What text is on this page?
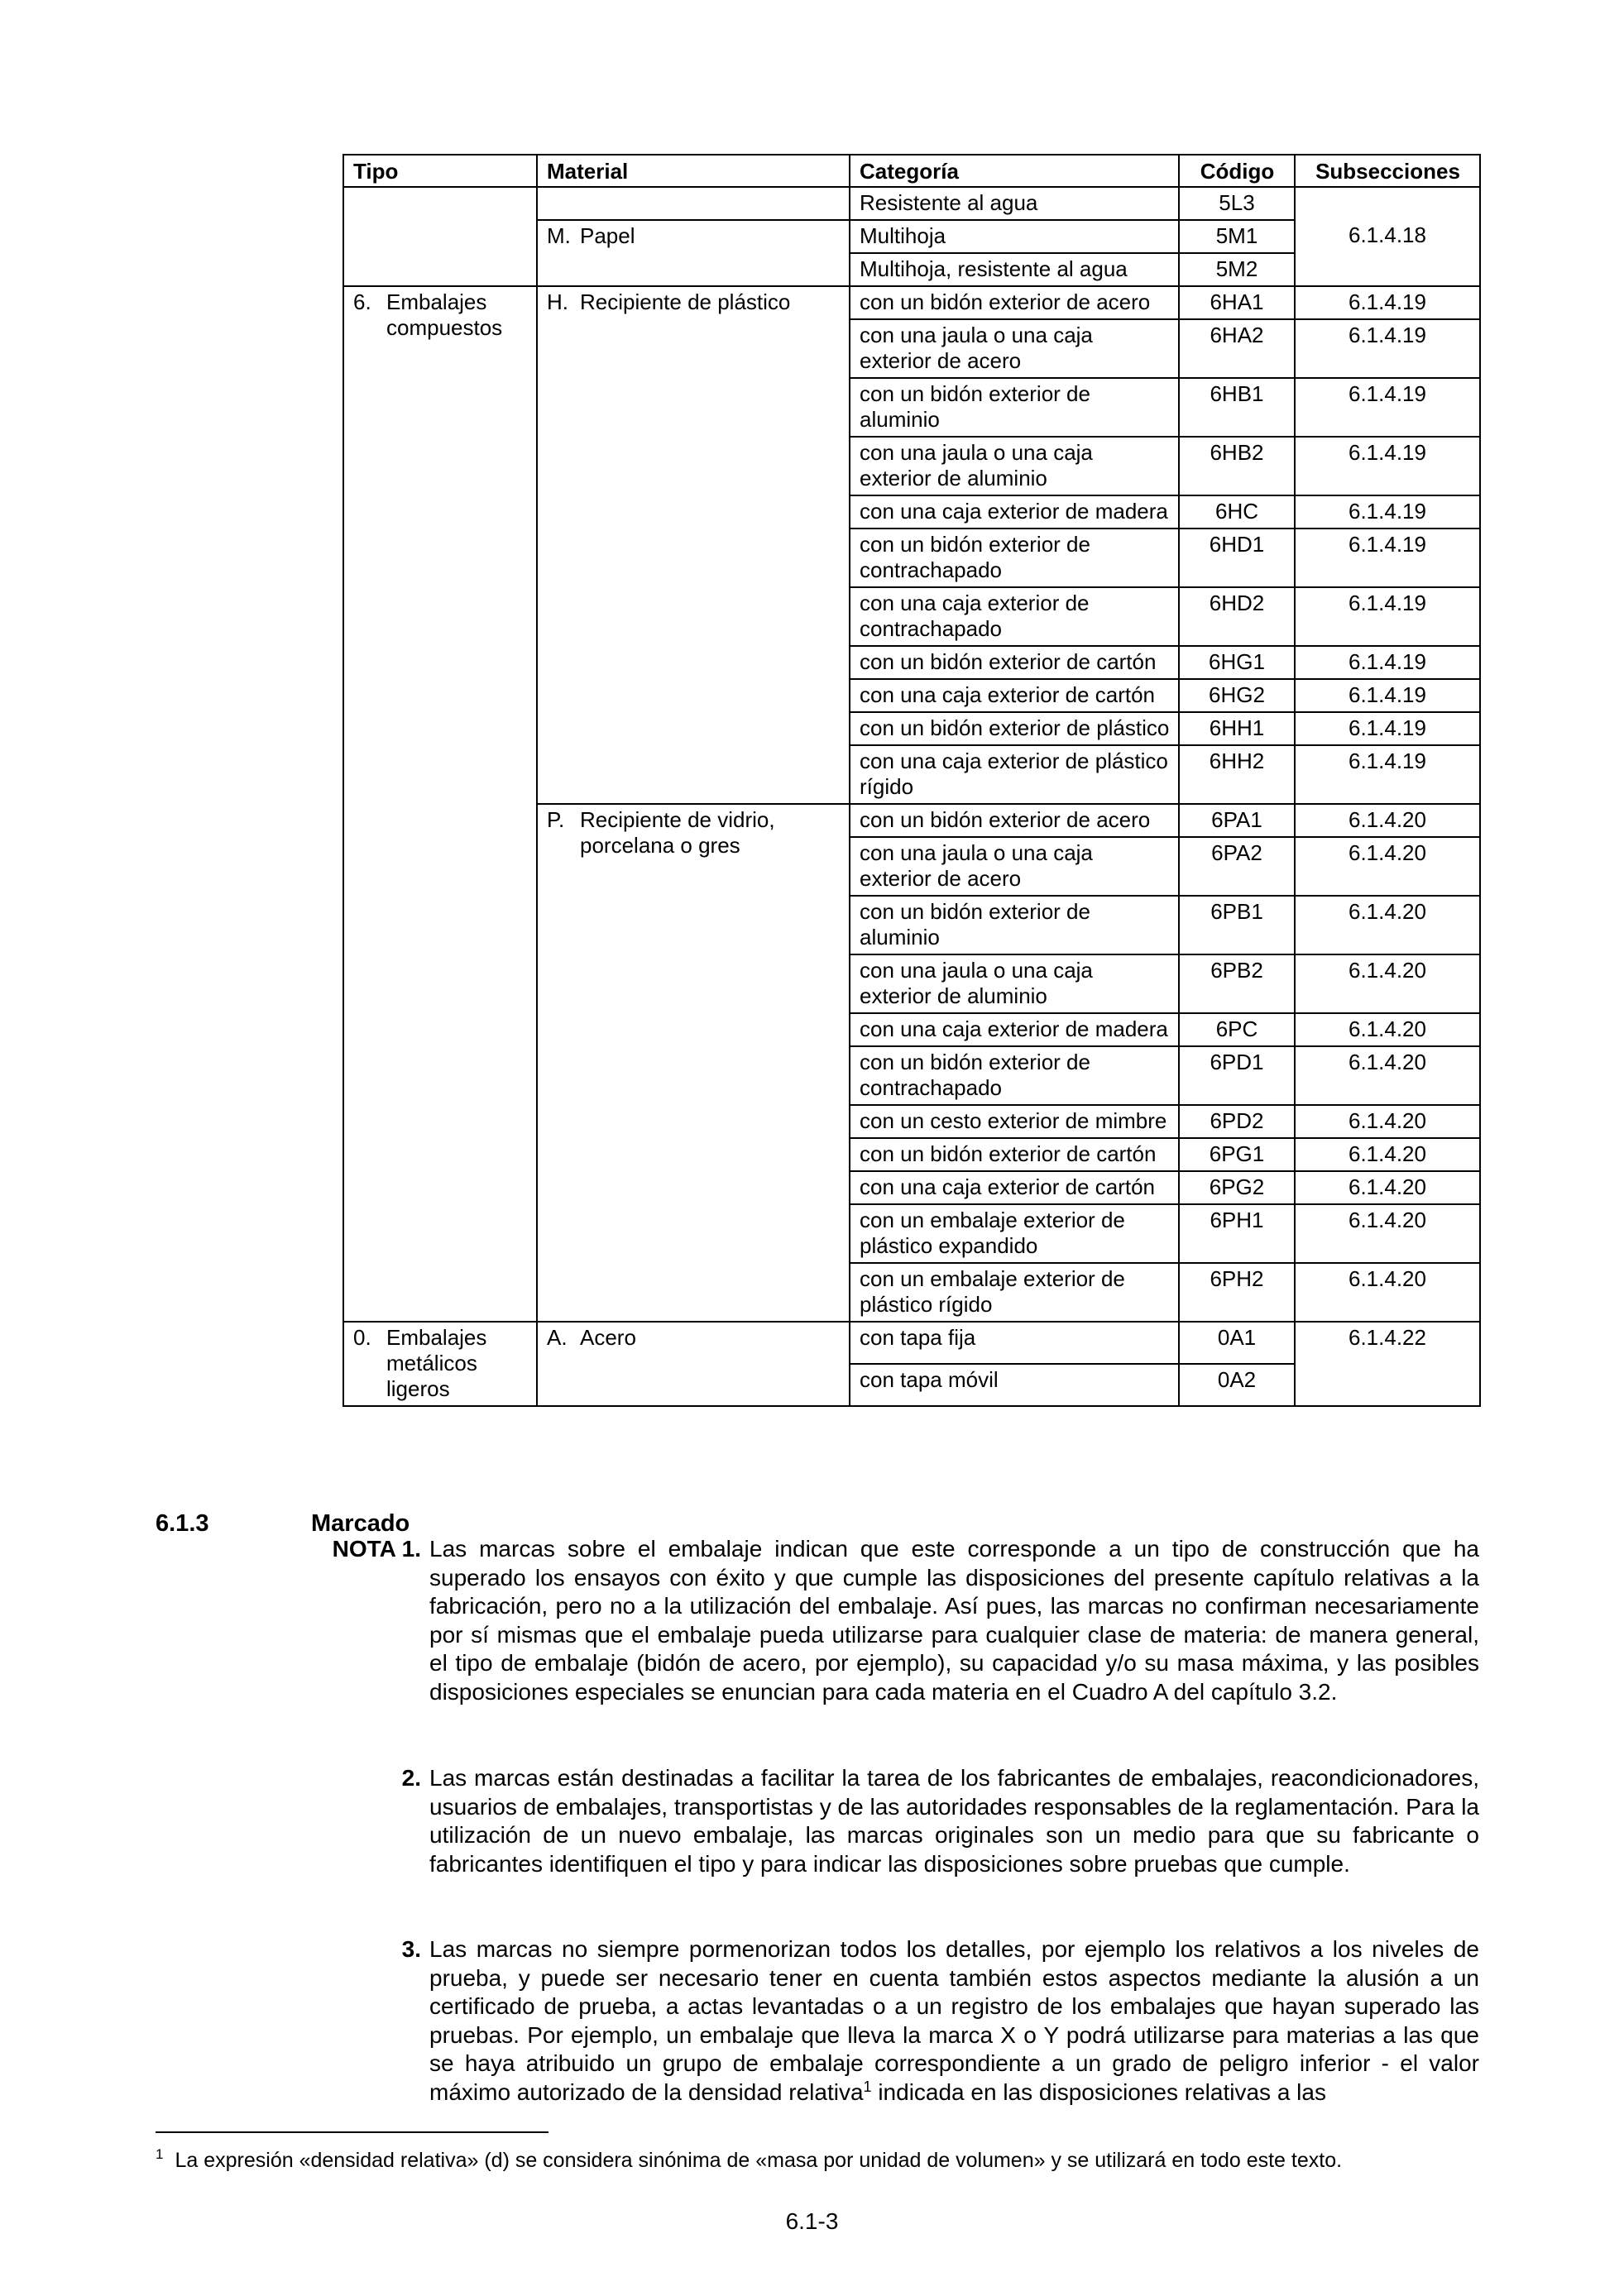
Tipo	Material	Categoría	Código	Subsecciones
		Resistente al agua	5L3	

	M. Papel	Multihoja	5M1	6.1.4.18
		Multihoja, resistente al agua	5M2	

6. Embalajes compuestos	H. Recipiente de plástico	con un bidón exterior de acero	6HA1	6.1.4.19
		con una jaula o una caja exterior de acero	6HA2	6.1.4.19
		con un bidón exterior de aluminio	6HB1	6.1.4.19
		con una jaula o una caja exterior de aluminio	6HB2	6.1.4.19
		con una caja exterior de madera	6HC	6.1.4.19
		con un bidón exterior de contrachapado	6HD1	6.1.4.19
		con una caja exterior de contrachapado	6HD2	6.1.4.19
		con un bidón exterior de cartón	6HG1	6.1.4.19
		con una caja exterior de cartón	6HG2	6.1.4.19
		con un bidón exterior de plástico	6HH1	6.1.4.19
		con una caja exterior de plástico rígido	6HH2	6.1.4.19

	P. Recipiente de vidrio, porcelana o gres	con un bidón exterior de acero	6PA1	6.1.4.20
		con una jaula o una caja exterior de acero	6PA2	6.1.4.20
		con un bidón exterior de aluminio	6PB1	6.1.4.20
		con una jaula o una caja exterior de aluminio	6PB2	6.1.4.20
		con una caja exterior de madera	6PC	6.1.4.20
		con un bidón exterior de contrachapado	6PD1	6.1.4.20
		con un cesto exterior de mimbre	6PD2	6.1.4.20
		con un bidón exterior de cartón	6PG1	6.1.4.20
		con una caja exterior de cartón	6PG2	6.1.4.20
		con un embalaje exterior de plástico expandido	6PH1	6.1.4.20
		con un embalaje exterior de plástico rígido	6PH2	6.1.4.20

0. Embalajes metálicos ligeros	A. Acero	con tapa fija	0A1	6.1.4.22
		con tapa móvil	0A2	
6.1.3	Marcado
NOTA 1. Las marcas sobre el embalaje indican que este corresponde a un tipo de construcción que ha superado los ensayos con éxito y que cumple las disposiciones del presente capítulo relativas a la fabricación, pero no a la utilización del embalaje. Así pues, las marcas no confirman necesariamente por sí mismas que el embalaje pueda utilizarse para cualquier clase de materia: de manera general, el tipo de embalaje (bidón de acero, por ejemplo), su capacidad y/o su masa máxima, y las posibles disposiciones especiales se enuncian para cada materia en el Cuadro A del capítulo 3.2.
2. Las marcas están destinadas a facilitar la tarea de los fabricantes de embalajes, reacondicionadores, usuarios de embalajes, transportistas y de las autoridades responsables de la reglamentación. Para la utilización de un nuevo embalaje, las marcas originales son un medio para que su fabricante o fabricantes identifiquen el tipo y para indicar las disposiciones sobre pruebas que cumple.
3. Las marcas no siempre pormenorizan todos los detalles, por ejemplo los relativos a los niveles de prueba, y puede ser necesario tener en cuenta también estos aspectos mediante la alusión a un certificado de prueba, a actas levantadas o a un registro de los embalajes que hayan superado las pruebas. Por ejemplo, un embalaje que lleva la marca X o Y podrá utilizarse para materias a las que se haya atribuido un grupo de embalaje correspondiente a un grado de peligro inferior - el valor máximo autorizado de la densidad relativa$^1$ indicada en las disposiciones relativas a las
$^1$ La expresión «densidad relativa» (d) se considera sinónima de «masa por unidad de volumen» y se utilizará en todo este texto.
6.1-3
